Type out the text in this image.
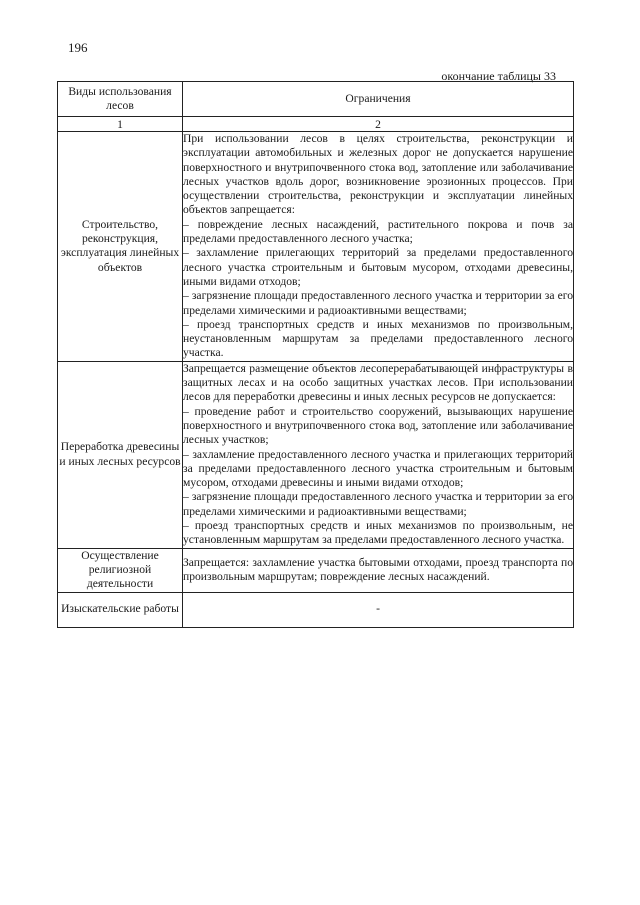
196
окончание таблицы 33
Виды использования лесов	Ограничения
1	2
Строительство, реконструкция, эксплуатация линейных объектов	При использовании лесов в целях строительства, реконструкции и эксплуатации автомобильных и железных дорог не допускается нарушение поверхностного и внутрипочвенного стока вод, затопление или заболачивание лесных участков вдоль дорог, возникновение эрозионных процессов. При осуществлении строительства, реконструкции и эксплуатации линейных объектов запрещается:

– повреждение лесных насаждений, растительного покрова и почв за пределами предоставленного лесного участка;

– захламление прилегающих территорий за пределами предоставленного лесного участка строительным и бытовым мусором, отходами древесины, иными видами отходов;

– загрязнение площади предоставленного лесного участка и территории за его пределами химическими и радиоактивными веществами;

– проезд транспортных средств и иных механизмов по произвольным, неустановленным маршрутам за пределами предоставленного лесного участка.

Переработка древесины и иных лесных ресурсов	Запрещается размещение объектов лесоперерабатывающей инфраструктуры в защитных лесах и на особо защитных участках лесов. При использовании лесов для переработки древесины и иных лесных ресурсов не допускается:

– проведение работ и строительство сооружений, вызывающих нарушение поверхностного и внутрипочвенного стока вод, затопление или заболачивание лесных участков;

– захламление предоставленного лесного участка и прилегающих территорий за пределами предоставленного лесного участка строительным и бытовым мусором, отходами древесины и иными видами отходов;

– загрязнение площади предоставленного лесного участка и территории за его пределами химическими и радиоактивными веществами;

– проезд транспортных средств и иных механизмов по произвольным, не установленным маршрутам за пределами предоставленного лесного участка.

Осуществление религиозной деятельности	Запрещается: захламление участка бытовыми отходами, проезд транспорта по произвольным маршрутам; повреждение лесных насаждений.

Изыскательские работы	-
